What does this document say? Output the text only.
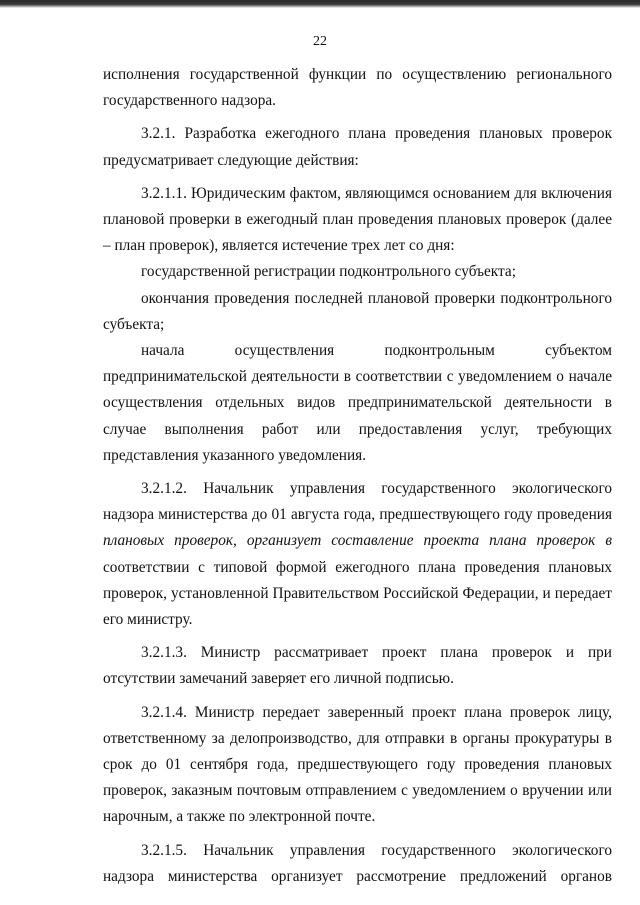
22

исполнения государственной функции по осуществлению регионального государственного надзора.

3.2.1. Разработка ежегодного плана проведения плановых проверок предусматривает следующие действия:

3.2.1.1. Юридическим фактом, являющимся основанием для включения плановой проверки в ежегодный план проведения плановых проверок (далее – план проверок), является истечение трех лет со дня:

государственной регистрации подконтрольного субъекта;

окончания проведения последней плановой проверки подконтрольного субъекта;

начала осуществления подконтрольным субъектом предпринимательской деятельности в соответствии с уведомлением о начале осуществления отдельных видов предпринимательской деятельности в случае выполнения работ или предоставления услуг, требующих представления указанного уведомления.

3.2.1.2. Начальник управления государственного экологического надзора министерства до 01 августа года, предшествующего году проведения плановых проверок, организует составление проекта плана проверок в соответствии с типовой формой ежегодного плана проведения плановых проверок, установленной Правительством Российской Федерации, и передает его министру.

3.2.1.3. Министр рассматривает проект плана проверок и при отсутствии замечаний заверяет его личной подписью.

3.2.1.4. Министр передает заверенный проект плана проверок лицу, ответственному за делопроизводство, для отправки в органы прокуратуры в срок до 01 сентября года, предшествующего году проведения плановых проверок, заказным почтовым отправлением с уведомлением о вручении или нарочным, а также по электронной почте.

3.2.1.5. Начальник управления государственного экологического надзора министерства организует рассмотрение предложений органов
